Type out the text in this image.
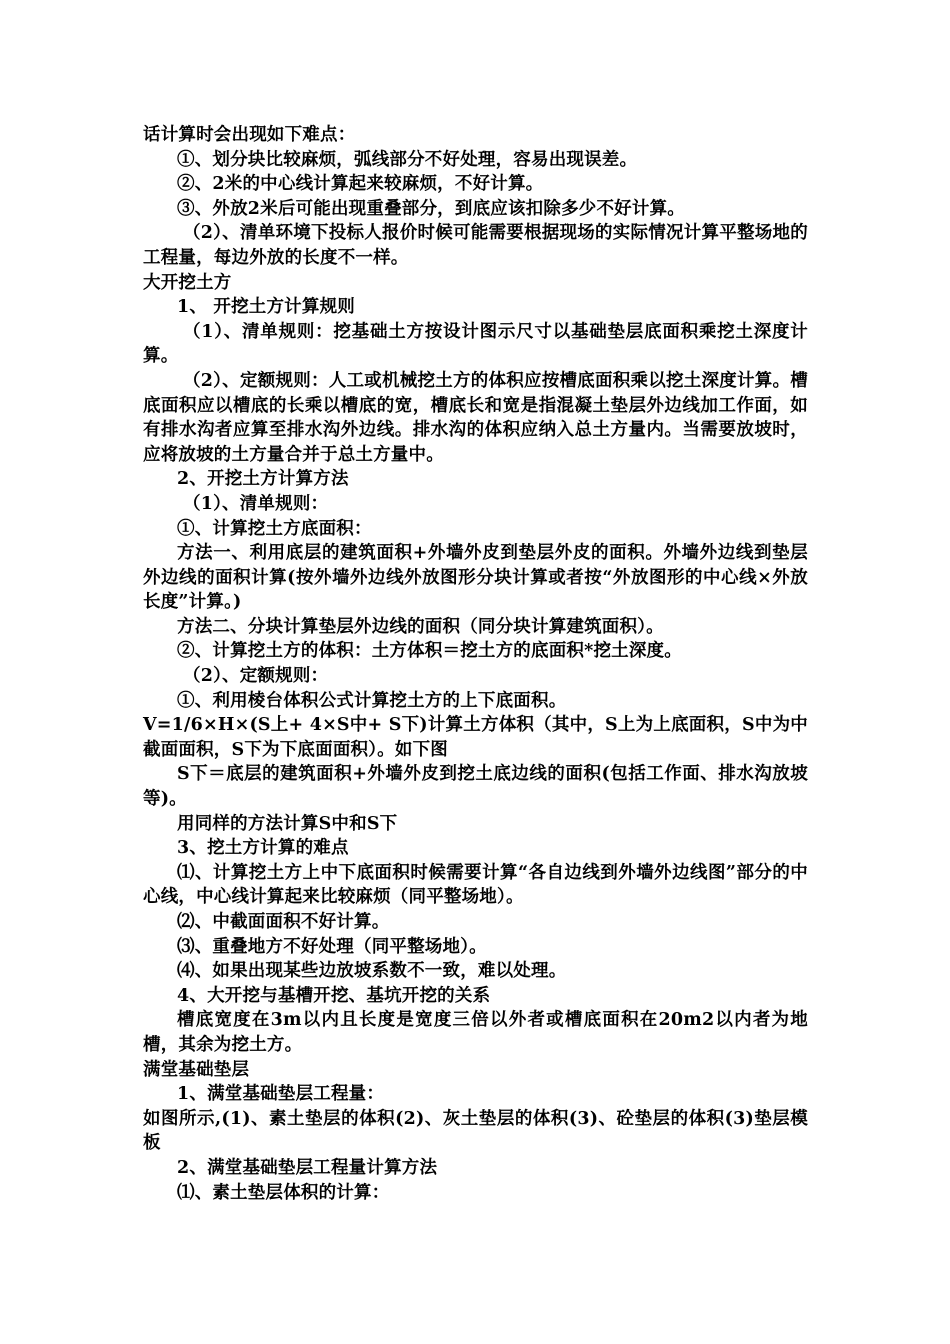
话计算时会出现如下难点：
①、划分块比较麻烦，弧线部分不好处理，容易出现误差。
②、2米的中心线计算起来较麻烦，不好计算。
③、外放2米后可能出现重叠部分，到底应该扣除多少不好计算。
（2）、清单环境下投标人报价时候可能需要根据现场的实际情况计算平整场地的工程量，每边外放的长度不一样。
大开挖土方
1、 开挖土方计算规则
（1）、清单规则：挖基础土方按设计图示尺寸以基础垫层底面积乘挖土深度计算。
（2）、定额规则：人工或机械挖土方的体积应按槽底面积乘以挖土深度计算。槽底面积应以槽底的长乘以槽底的宽，槽底长和宽是指混凝土垫层外边线加工作面，如有排水沟者应算至排水沟外边线。排水沟的体积应纳入总土方量内。当需要放坡时，应将放坡的土方量合并于总土方量中。
2、开挖土方计算方法
（1）、清单规则：
①、计算挖土方底面积：
方法一、利用底层的建筑面积+外墙外皮到垫层外皮的面积。外墙外边线到垫层外边线的面积计算(按外墙外边线外放图形分块计算或者按“外放图形的中心线×外放长度”计算。)
方法二、分块计算垫层外边线的面积（同分块计算建筑面积）。
②、计算挖土方的体积：土方体积＝挖土方的底面积*挖土深度。
（2）、定额规则：
①、利用棱台体积公式计算挖土方的上下底面积。
V=1/6×H×(S上+ 4×S中+ S下)计算土方体积（其中，S上为上底面积，S中为中截面面积，S下为下底面面积）。如下图
S下＝底层的建筑面积+外墙外皮到挖土底边线的面积(包括工作面、排水沟放坡等)。
用同样的方法计算S中和S下
3、挖土方计算的难点
⑴、计算挖土方上中下底面积时候需要计算“各自边线到外墙外边线图”部分的中心线，中心线计算起来比较麻烦（同平整场地）。
⑵、中截面面积不好计算。
⑶、重叠地方不好处理（同平整场地）。
⑷、如果出现某些边放坡系数不一致，难以处理。
4、大开挖与基槽开挖、基坑开挖的关系
槽底宽度在3m以内且长度是宽度三倍以外者或槽底面积在20m2以内者为地槽，其余为挖土方。
满堂基础垫层
1、满堂基础垫层工程量：
如图所示,(1)、素土垫层的体积(2)、灰土垫层的体积(3)、砼垫层的体积(3)垫层模板
2、满堂基础垫层工程量计算方法
⑴、素土垫层体积的计算：
